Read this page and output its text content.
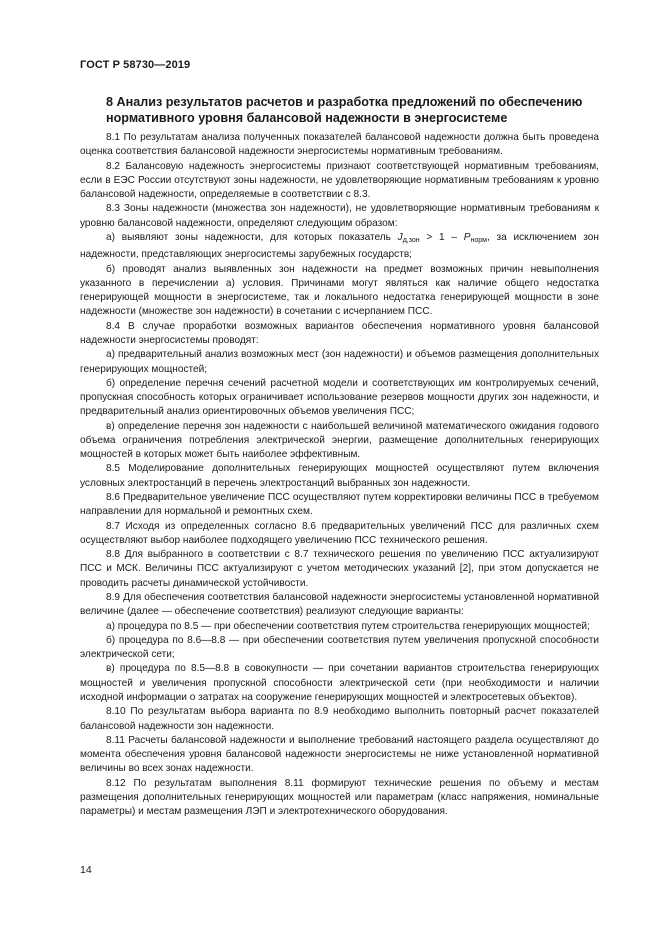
ГОСТ Р 58730—2019
8 Анализ результатов расчетов и разработка предложений по обеспечению нормативного уровня балансовой надежности в энергосистеме

8.1 По результатам анализа полученных показателей балансовой надежности должна быть проведена оценка соответствия балансовой надежности энергосистемы нормативным требованиям.

8.2 Балансовую надежность энергосистемы признают соответствующей нормативным требованиям, если в ЕЭС России отсутствуют зоны надежности, не удовлетворяющие нормативным требованиям к уровню балансовой надежности, определяемые в соответствии с 8.3.

8.3 Зоны надежности (множества зон надежности), не удовлетворяющие нормативным требованиям к уровню балансовой надежности, определяют следующим образом:

а) выявляют зоны надежности, для которых показатель $J_{д,зон} > 1 - P_{норм}$, за исключением зон надежности, представляющих энергосистемы зарубежных государств;

б) проводят анализ выявленных зон надежности на предмет возможных причин невыполнения указанного в перечислении а) условия. Причинами могут являться как наличие общего недостатка генерирующей мощности в энергосистеме, так и локального недостатка генерирующей мощности в зоне надежности (множестве зон надежности) в сочетании с исчерпанием ПСС.

8.4 В случае проработки возможных вариантов обеспечения нормативного уровня балансовой надежности энергосистемы проводят:

а) предварительный анализ возможных мест (зон надежности) и объемов размещения дополнительных генерирующих мощностей;

б) определение перечня сечений расчетной модели и соответствующих им контролируемых сечений, пропускная способность которых ограничивает использование резервов мощности других зон надежности, и предварительный анализ ориентировочных объемов увеличения ПСС;

в) определение перечня зон надежности с наибольшей величиной математического ожидания годового объема ограничения потребления электрической энергии, размещение дополнительных генерирующих мощностей в которых может быть наиболее эффективным.

8.5 Моделирование дополнительных генерирующих мощностей осуществляют путем включения условных электростанций в перечень электростанций выбранных зон надежности.

8.6 Предварительное увеличение ПСС осуществляют путем корректировки величины ПСС в требуемом направлении для нормальной и ремонтных схем.

8.7 Исходя из определенных согласно 8.6 предварительных увеличений ПСС для различных схем осуществляют выбор наиболее подходящего увеличению ПСС технического решения.

8.8 Для выбранного в соответствии с 8.7 технического решения по увеличению ПСС актуализируют ПСС и МСК. Величины ПСС актуализируют с учетом методических указаний [2], при этом допускается не проводить расчеты динамической устойчивости.

8.9 Для обеспечения соответствия балансовой надежности энергосистемы установленной нормативной величине (далее — обеспечение соответствия) реализуют следующие варианты:

а) процедура по 8.5 — при обеспечении соответствия путем строительства генерирующих мощностей;

б) процедура по 8.6—8.8 — при обеспечении соответствия путем увеличения пропускной способности электрической сети;

в) процедура по 8.5—8.8 в совокупности — при сочетании вариантов строительства генерирующих мощностей и увеличения пропускной способности электрической сети (при необходимости и наличии исходной информации о затратах на сооружение генерирующих мощностей и электросетевых объектов).

8.10 По результатам выбора варианта по 8.9 необходимо выполнить повторный расчет показателей балансовой надежности зон надежности.

8.11 Расчеты балансовой надежности и выполнение требований настоящего раздела осуществляют до момента обеспечения уровня балансовой надежности энергосистемы не ниже установленной нормативной величины во всех зонах надежности.

8.12 По результатам выполнения 8.11 формируют технические решения по объему и местам размещения дополнительных генерирующих мощностей или параметрам (класс напряжения, номинальные параметры) и местам размещения ЛЭП и электротехнического оборудования.

14
